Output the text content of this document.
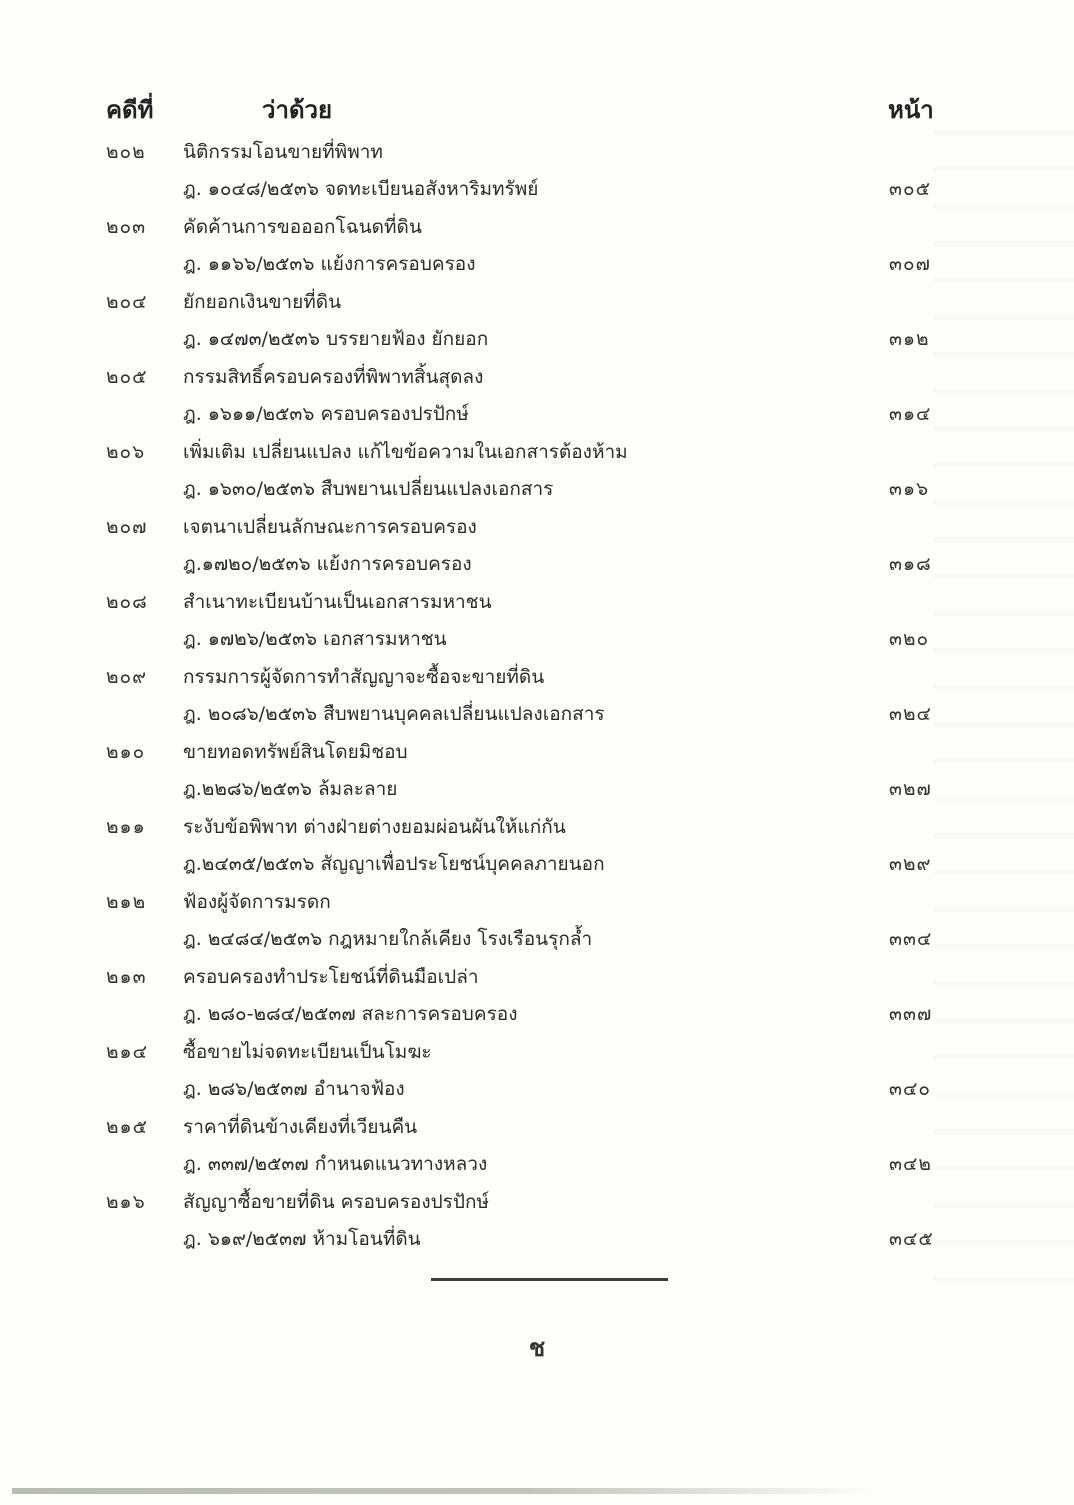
คดีที่	ว่าด้วย	หน้า
๒๐๒ นิติกรรมโอนขายที่พิพาท
ฎ. ๑๐๔๘/๒๕๓๖ จดทะเบียนอสังหาริมทรัพย์	๓๐๕
๒๐๓ คัดค้านการขอออกโฉนดที่ดิน
ฎ. ๑๑๖๖/๒๕๓๖ แย้งการครอบครอง	๓๐๗
๒๐๔ ยักยอกเงินขายที่ดิน
ฎ. ๑๔๗๓/๒๕๓๖ บรรยายฟ้อง ยักยอก	๓๑๒
๒๐๕ กรรมสิทธิ์ครอบครองที่พิพาทสิ้นสุดลง
ฎ. ๑๖๑๑/๒๕๓๖ ครอบครองปรปักษ์	๓๑๔
๒๐๖ เพิ่มเติม เปลี่ยนแปลง แก้ไขข้อความในเอกสารต้องห้าม
ฎ. ๑๖๓๐/๒๕๓๖ สืบพยานเปลี่ยนแปลงเอกสาร	๓๑๖
๒๐๗ เจตนาเปลี่ยนลักษณะการครอบครอง
ฎ.๑๗๒๐/๒๕๓๖ แย้งการครอบครอง	๓๑๘
๒๐๘ สำเนาทะเบียนบ้านเป็นเอกสารมหาชน
ฎ. ๑๗๒๖/๒๕๓๖ เอกสารมหาชน	๓๒๐
๒๐๙ กรรมการผู้จัดการทำสัญญาจะซื้อจะขายที่ดิน
ฎ. ๒๐๘๖/๒๕๓๖ สืบพยานบุคคลเปลี่ยนแปลงเอกสาร	๓๒๔
๒๑๐ ขายทอดทรัพย์สินโดยมิชอบ
ฎ.๒๒๘๖/๒๕๓๖ ล้มละลาย	๓๒๗
๒๑๑ ระงับข้อพิพาท ต่างฝ่ายต่างยอมผ่อนผันให้แก่กัน
ฎ.๒๔๓๕/๒๕๓๖ สัญญาเพื่อประโยชน์บุคคลภายนอก	๓๒๙
๒๑๒ ฟ้องผู้จัดการมรดก
ฎ. ๒๔๘๔/๒๕๓๖ กฎหมายใกล้เคียง โรงเรือนรุกล้ำ	๓๓๔
๒๑๓ ครอบครองทำประโยชน์ที่ดินมือเปล่า
ฎ. ๒๘๐-๒๘๔/๒๕๓๗ สละการครอบครอง	๓๓๗
๒๑๔ ซื้อขายไม่จดทะเบียนเป็นโมฆะ
ฎ. ๒๘๖/๒๕๓๗ อำนาจฟ้อง	๓๔๐
๒๑๕ ราคาที่ดินข้างเคียงที่เวียนคืน
ฎ. ๓๓๗/๒๕๓๗ กำหนดแนวทางหลวง	๓๔๒
๒๑๖ สัญญาซื้อขายที่ดิน ครอบครองปรปักษ์
ฎ. ๖๑๙/๒๕๓๗ ห้ามโอนที่ดิน	๓๔๕
ช
